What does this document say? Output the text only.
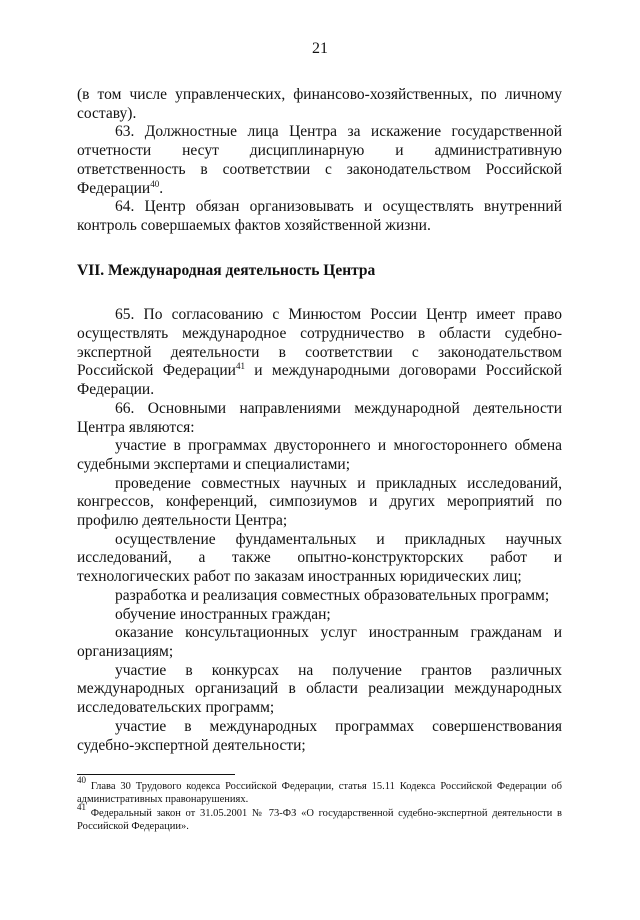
21

(в том числе управленческих, финансово-хозяйственных, по личному составу).

63. Должностные лица Центра за искажение государственной отчетности несут дисциплинарную и административную ответственность в соответствии с законодательством Российской Федерации$^{40}$.

64. Центр обязан организовывать и осуществлять внутренний контроль совершаемых фактов хозяйственной жизни.

VII. Международная деятельность Центра

65. По согласованию с Минюстом России Центр имеет право осуществлять международное сотрудничество в области судебно-экспертной деятельности в соответствии с законодательством Российской Федерации$^{41}$ и международными договорами Российской Федерации.

66. Основными направлениями международной деятельности Центра являются:

участие в программах двустороннего и многостороннего обмена судебными экспертами и специалистами;

проведение совместных научных и прикладных исследований, конгрессов, конференций, симпозиумов и других мероприятий по профилю деятельности Центра;

осуществление фундаментальных и прикладных научных исследований, а также опытно-конструкторских работ и технологических работ по заказам иностранных юридических лиц;

разработка и реализация совместных образовательных программ;

обучение иностранных граждан;

оказание консультационных услуг иностранным гражданам и организациям;

участие в конкурсах на получение грантов различных международных организаций в области реализации международных исследовательских программ;

участие в международных программах совершенствования судебно-экспертной деятельности;

$^{40}$ Глава 30 Трудового кодекса Российской Федерации, статья 15.11 Кодекса Российской Федерации об административных правонарушениях.

$^{41}$ Федеральный закон от 31.05.2001 № 73-ФЗ «О государственной судебно-экспертной деятельности в Российской Федерации».
